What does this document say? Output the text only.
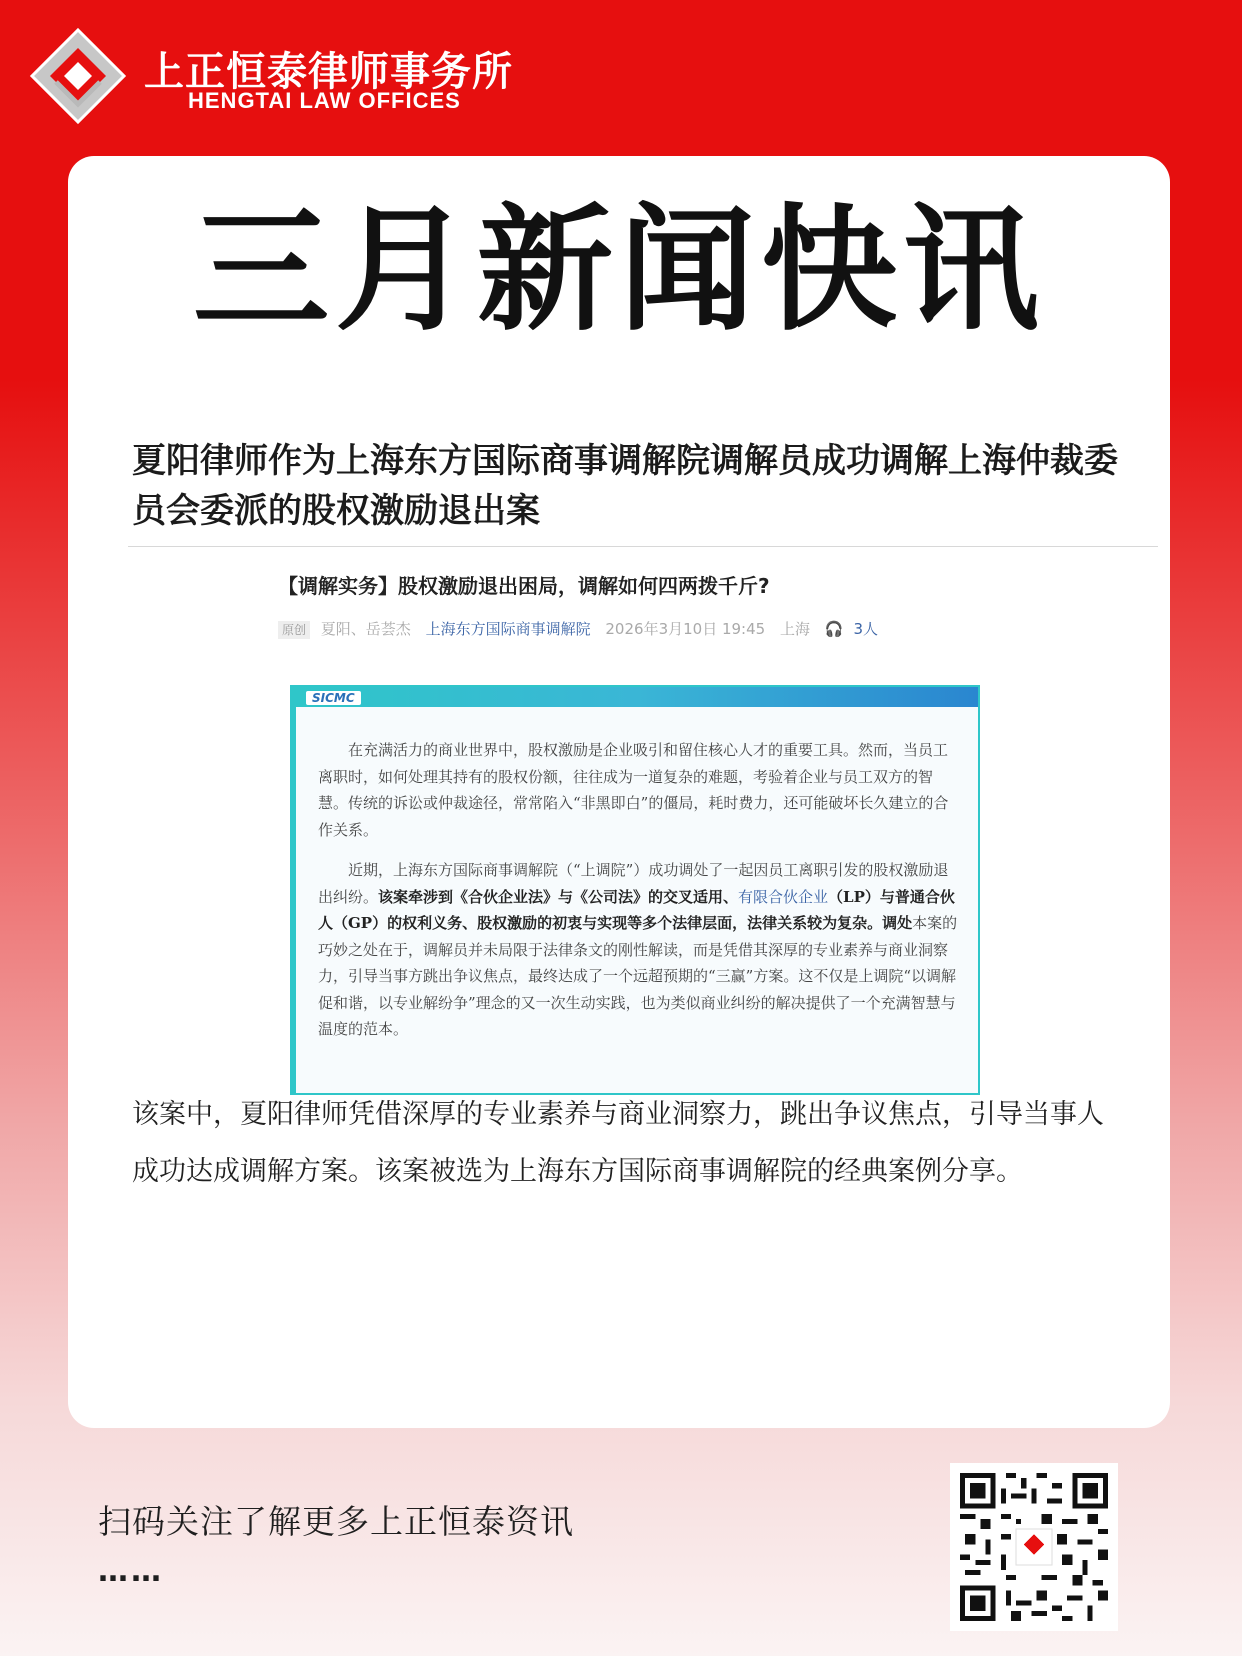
上正恒泰律师事务所
HENGTAI LAW OFFICES
三月新闻快讯
夏阳律师作为上海东方国际商事调解院调解员成功调解上海仲裁委员会委派的股权激励退出案
【调解实务】股权激励退出困局，调解如何四两拨千斤?
原创 夏阳、岳荟杰 上海东方国际商事调解院 2026年3月10日 19:45 上海 🎧 3人
SICMC

在充满活力的商业世界中，股权激励是企业吸引和留住核心人才的重要工具。然而，当员工离职时，如何处理其持有的股权份额，往往成为一道复杂的难题，考验着企业与员工双方的智慧。传统的诉讼或仲裁途径，常常陷入“非黑即白”的僵局，耗时费力，还可能破坏长久建立的合作关系。

近期，上海东方国际商事调解院（“上调院”）成功调处了一起因员工离职引发的股权激励退出纠纷。该案牵涉到《合伙企业法》与《公司法》的交叉适用、有限合伙企业（LP）与普通合伙人（GP）的权利义务、股权激励的初衷与实现等多个法律层面，法律关系较为复杂。调处本案的巧妙之处在于，调解员并未局限于法律条文的刚性解读，而是凭借其深厚的专业素养与商业洞察力，引导当事方跳出争议焦点，最终达成了一个远超预期的“三赢”方案。这不仅是上调院“以调解促和谐，以专业解纷争”理念的又一次生动实践，也为类似商业纠纷的解决提供了一个充满智慧与温度的范本。

该案中，夏阳律师凭借深厚的专业素养与商业洞察力，跳出争议焦点，引导当事人成功达成调解方案。该案被选为上海东方国际商事调解院的经典案例分享。
扫码关注了解更多上正恒泰资讯
……
